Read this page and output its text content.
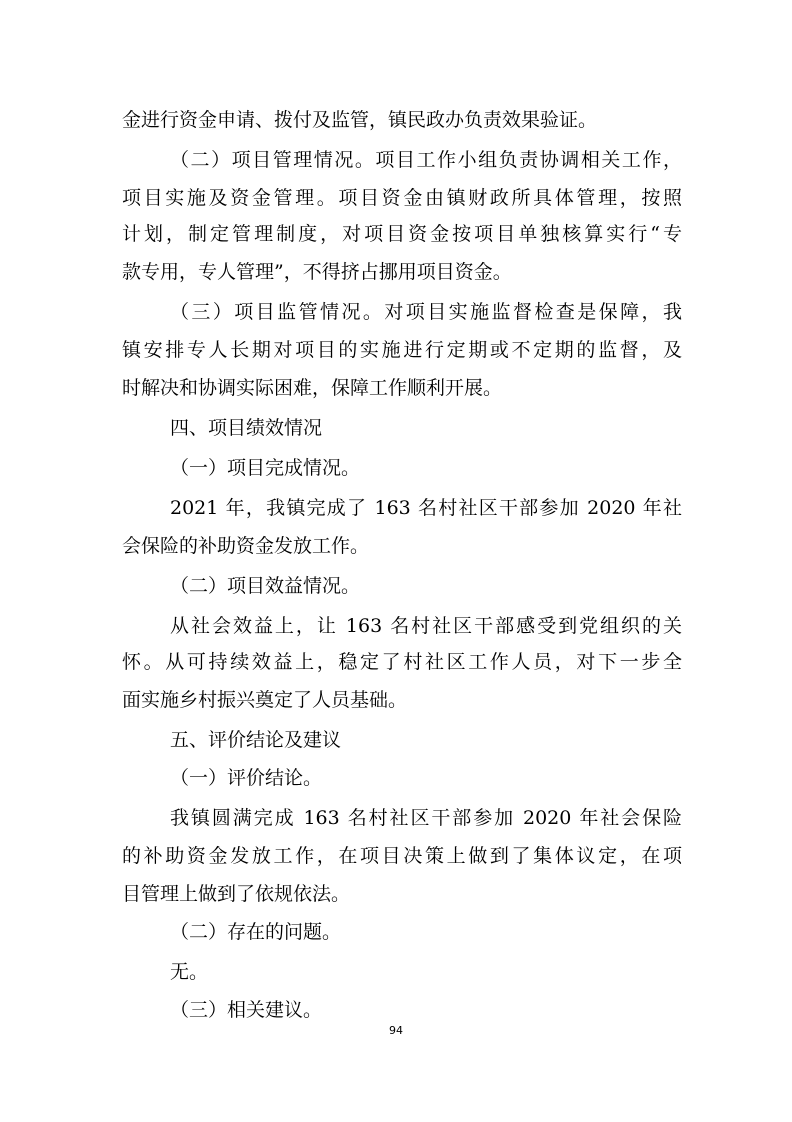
金进行资金申请、拨付及监管，镇民政办负责效果验证。
（二）项目管理情况。项目工作小组负责协调相关工作，
项目实施及资金管理。项目资金由镇财政所具体管理，按照
计划，制定管理制度，对项目资金按项目单独核算实行“专
款专用，专人管理”，不得挤占挪用项目资金。
（三）项目监管情况。对项目实施监督检查是保障，我
镇安排专人长期对项目的实施进行定期或不定期的监督，及
时解决和协调实际困难，保障工作顺利开展。
四、项目绩效情况
（一）项目完成情况。
2021 年，我镇完成了 163 名村社区干部参加 2020 年社
会保险的补助资金发放工作。
（二）项目效益情况。
从社会效益上，让 163 名村社区干部感受到党组织的关
怀。从可持续效益上，稳定了村社区工作人员，对下一步全
面实施乡村振兴奠定了人员基础。
五、评价结论及建议
（一）评价结论。
我镇圆满完成 163 名村社区干部参加 2020 年社会保险
的补助资金发放工作，在项目决策上做到了集体议定，在项
目管理上做到了依规依法。
（二）存在的问题。
无。
（三）相关建议。
94
